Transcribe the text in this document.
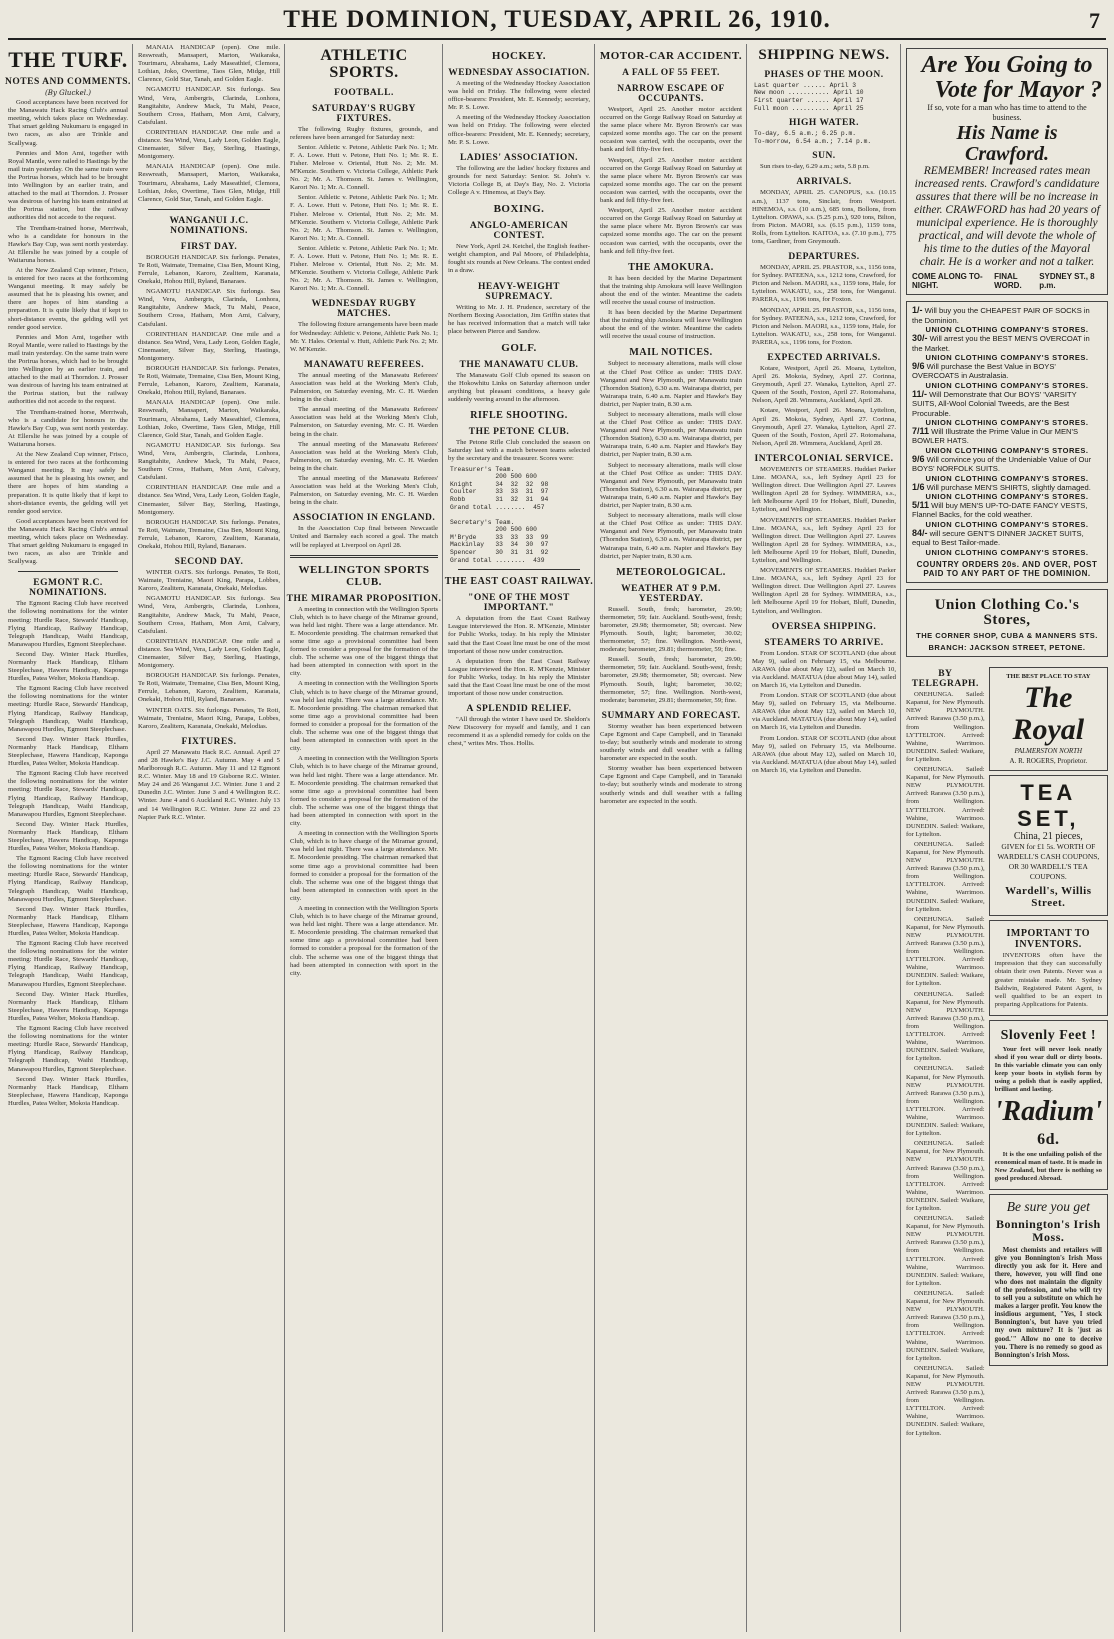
THE DOMINION, TUESDAY, APRIL 26, 1910.	7
THE TURF.
NOTES AND COMMENTS.
(By Gluckel.)

Good acceptances have been received for the Manawatu Hack Racing Club's annual meeting, which takes place on Wednesday. That smart gelding Nukumaru is engaged in two races, as also are Trinkle and Scallywag.

Pennies and Mon Ami, together with Royal Mantle, were railed to Hastings by the mail train yesterday. On the same train were the Porirua horses, which had to be brought into Wellington by an earlier train, and attached to the mail at Thorndon. J. Prosser was desirous of having his team entrained at the Porirua station, but the railway authorities did not accede to the request.

The Trentham-trained horse, Merriwah, who is a candidate for honours in the Hawke's Bay Cup, was sent north yesterday. At Ellerslie he was joined by a couple of Waitaruna horses.

At the New Zealand Cup winner, Frisco, is entered for two races at the forthcoming Wanganui meeting. It may safely be assumed that he is pleasing his owner, and there are hopes of him standing a preparation. It is quite likely that if kept to short-distance events, the gelding will yet render good service.

Pennies and Mon Ami, together with Royal Mantle, were railed to Hastings by the mail train yesterday. On the same train were the Porirua horses, which had to be brought into Wellington by an earlier train, and attached to the mail at Thorndon. J. Prosser was desirous of having his team entrained at the Porirua station, but the railway authorities did not accede to the request.

The Trentham-trained horse, Merriwah, who is a candidate for honours in the Hawke's Bay Cup, was sent north yesterday. At Ellerslie he was joined by a couple of Waitaruna horses.

At the New Zealand Cup winner, Frisco, is entered for two races at the forthcoming Wanganui meeting. It may safely be assumed that he is pleasing his owner, and there are hopes of him standing a preparation. It is quite likely that if kept to short-distance events, the gelding will yet render good service.

Good acceptances have been received for the Manawatu Hack Racing Club's annual meeting, which takes place on Wednesday. That smart gelding Nukumaru is engaged in two races, as also are Trinkle and Scallywag.

EGMONT R.C. NOMINATIONS.

The Egmont Racing Club have received the following nominations for the winter meeting: Hurdle Race, Stewards' Handicap, Flying Handicap, Railway Handicap, Telegraph Handicap, Waihi Handicap, Manawapou Hurdles, Egmont Steeplechase.

Second Day. Winter Hack Hurdles, Normanby Hack Handicap, Eltham Steeplechase, Hawera Handicap, Kaponga Hurdles, Patea Welter, Mokoia Handicap.

The Egmont Racing Club have received the following nominations for the winter meeting: Hurdle Race, Stewards' Handicap, Flying Handicap, Railway Handicap, Telegraph Handicap, Waihi Handicap, Manawapou Hurdles, Egmont Steeplechase.

Second Day. Winter Hack Hurdles, Normanby Hack Handicap, Eltham Steeplechase, Hawera Handicap, Kaponga Hurdles, Patea Welter, Mokoia Handicap.

The Egmont Racing Club have received the following nominations for the winter meeting: Hurdle Race, Stewards' Handicap, Flying Handicap, Railway Handicap, Telegraph Handicap, Waihi Handicap, Manawapou Hurdles, Egmont Steeplechase.

Second Day. Winter Hack Hurdles, Normanby Hack Handicap, Eltham Steeplechase, Hawera Handicap, Kaponga Hurdles, Patea Welter, Mokoia Handicap.

The Egmont Racing Club have received the following nominations for the winter meeting: Hurdle Race, Stewards' Handicap, Flying Handicap, Railway Handicap, Telegraph Handicap, Waihi Handicap, Manawapou Hurdles, Egmont Steeplechase.

Second Day. Winter Hack Hurdles, Normanby Hack Handicap, Eltham Steeplechase, Hawera Handicap, Kaponga Hurdles, Patea Welter, Mokoia Handicap.

The Egmont Racing Club have received the following nominations for the winter meeting: Hurdle Race, Stewards' Handicap, Flying Handicap, Railway Handicap, Telegraph Handicap, Waihi Handicap, Manawapou Hurdles, Egmont Steeplechase.

Second Day. Winter Hack Hurdles, Normanby Hack Handicap, Eltham Steeplechase, Hawera Handicap, Kaponga Hurdles, Patea Welter, Mokoia Handicap.

The Egmont Racing Club have received the following nominations for the winter meeting: Hurdle Race, Stewards' Handicap, Flying Handicap, Railway Handicap, Telegraph Handicap, Waihi Handicap, Manawapou Hurdles, Egmont Steeplechase.

Second Day. Winter Hack Hurdles, Normanby Hack Handicap, Eltham Steeplechase, Hawera Handicap, Kaponga Hurdles, Patea Welter, Mokoia Handicap.

MANAIA HANDICAP (open). One mile. Reswreath, Mansapert, Marton, Waikaraka, Tourimaru, Abrahams, Lady Maseathief, Clemora, Lothian, Joko, Overtime, Taos Glen, Midge, Hill Clarence, Gold Star, Tanah, and Golden Eagle.

NGAMOTU HANDICAP. Six furlongs. Sea Wind, Vera, Ambergris, Clarinda, Lonhora, Rangitahite, Andrew Mack, Tu Mahi, Peace, Southern Cross, Hatham, Mon Ami, Calvary, Catsfulani.

CORINTHIAN HANDICAP. One mile and a distance. Sea Wind, Vera, Lady Leon, Golden Eagle, Cinemaster, Silver Bay, Sterling, Hastings, Montgomery.

MANAIA HANDICAP (open). One mile. Reswreath, Mansapert, Marton, Waikaraka, Tourimaru, Abrahams, Lady Maseathief, Clemora, Lothian, Joko, Overtime, Taos Glen, Midge, Hill Clarence, Gold Star, Tanah, and Golden Eagle.

WANGANUI J.C. NOMINATIONS.
FIRST DAY.

BOROUGH HANDICAP. Six furlongs. Penates, Te Roti, Waimate, Tremaine, Cisa Ben, Mount King, Ferrule, Lebanon, Karoro, Zealitem, Karanaia, Onekaki, Hohou Hill, Ryland, Banaraes.

NGAMOTU HANDICAP. Six furlongs. Sea Wind, Vera, Ambergris, Clarinda, Lonhora, Rangitahite, Andrew Mack, Tu Mahi, Peace, Southern Cross, Hatham, Mon Ami, Calvary, Catsfulani.

CORINTHIAN HANDICAP. One mile and a distance. Sea Wind, Vera, Lady Leon, Golden Eagle, Cinemaster, Silver Bay, Sterling, Hastings, Montgomery.

BOROUGH HANDICAP. Six furlongs. Penates, Te Roti, Waimate, Tremaine, Cisa Ben, Mount King, Ferrule, Lebanon, Karoro, Zealitem, Karanaia, Onekaki, Hohou Hill, Ryland, Banaraes.

MANAIA HANDICAP (open). One mile. Reswreath, Mansapert, Marton, Waikaraka, Tourimaru, Abrahams, Lady Maseathief, Clemora, Lothian, Joko, Overtime, Taos Glen, Midge, Hill Clarence, Gold Star, Tanah, and Golden Eagle.

NGAMOTU HANDICAP. Six furlongs. Sea Wind, Vera, Ambergris, Clarinda, Lonhora, Rangitahite, Andrew Mack, Tu Mahi, Peace, Southern Cross, Hatham, Mon Ami, Calvary, Catsfulani.

CORINTHIAN HANDICAP. One mile and a distance. Sea Wind, Vera, Lady Leon, Golden Eagle, Cinemaster, Silver Bay, Sterling, Hastings, Montgomery.

BOROUGH HANDICAP. Six furlongs. Penates, Te Roti, Waimate, Tremaine, Cisa Ben, Mount King, Ferrule, Lebanon, Karoro, Zealitem, Karanaia, Onekaki, Hohou Hill, Ryland, Banaraes.

SECOND DAY.

WINTER OATS. Six furlongs. Penates, Te Roti, Waimate, Treniaine, Maori King, Parapa, Lobbes, Karoro, Zealitem, Karanaia, Onekaki, Melodias.

NGAMOTU HANDICAP. Six furlongs. Sea Wind, Vera, Ambergris, Clarinda, Lonhora, Rangitahite, Andrew Mack, Tu Mahi, Peace, Southern Cross, Hatham, Mon Ami, Calvary, Catsfulani.

CORINTHIAN HANDICAP. One mile and a distance. Sea Wind, Vera, Lady Leon, Golden Eagle, Cinemaster, Silver Bay, Sterling, Hastings, Montgomery.

BOROUGH HANDICAP. Six furlongs. Penates, Te Roti, Waimate, Tremaine, Cisa Ben, Mount King, Ferrule, Lebanon, Karoro, Zealitem, Karanaia, Onekaki, Hohou Hill, Ryland, Banaraes.

WINTER OATS. Six furlongs. Penates, Te Roti, Waimate, Treniaine, Maori King, Parapa, Lobbes, Karoro, Zealitem, Karanaia, Onekaki, Melodias.

FIXTURES.

April 27 Manawatu Hack R.C. Annual. April 27 and 28 Hawke's Bay J.C. Autumn. May 4 and 5 Marlborough R.C. Autumn. May 11 and 12 Egmont R.C. Winter. May 18 and 19 Gisborne R.C. Winter. May 24 and 26 Wanganui J.C. Winter. June 1 and 2 Dunedin J.C. Winter. June 3 and 4 Wellington R.C. Winter. June 4 and 6 Auckland R.C. Winter. July 13 and 14 Wellington R.C. Winter. June 22 and 23 Napier Park R.C. Winter.

ATHLETIC SPORTS.
FOOTBALL.
SATURDAY'S RUGBY FIXTURES.

The following Rugby fixtures, grounds, and referees have been arranged for Saturday next:

Senior. Athletic v. Petone, Athletic Park No. 1; Mr. F. A. Lowe. Hutt v. Petone, Hutt No. 1; Mr. R. E. Fisher. Melrose v. Oriental, Hutt No. 2; Mr. M. M'Kenzie. Southern v. Victoria College, Athletic Park No. 2; Mr. A. Thomson. St. James v. Wellington, Karori No. 1; Mr. A. Connell.

Senior. Athletic v. Petone, Athletic Park No. 1; Mr. F. A. Lowe. Hutt v. Petone, Hutt No. 1; Mr. R. E. Fisher. Melrose v. Oriental, Hutt No. 2; Mr. M. M'Kenzie. Southern v. Victoria College, Athletic Park No. 2; Mr. A. Thomson. St. James v. Wellington, Karori No. 1; Mr. A. Connell.

Senior. Athletic v. Petone, Athletic Park No. 1; Mr. F. A. Lowe. Hutt v. Petone, Hutt No. 1; Mr. R. E. Fisher. Melrose v. Oriental, Hutt No. 2; Mr. M. M'Kenzie. Southern v. Victoria College, Athletic Park No. 2; Mr. A. Thomson. St. James v. Wellington, Karori No. 1; Mr. A. Connell.

WEDNESDAY RUGBY MATCHES.

The following fixture arrangements have been made for Wednesday: Athletic v. Petone, Athletic Park No. 1; Mr. Y. Hales. Oriental v. Hutt, Athletic Park No. 2; Mr. W. M'Kenzie.

MANAWATU REFEREES.

The annual meeting of the Manawatu Referees' Association was held at the Working Men's Club, Palmerston, on Saturday evening, Mr. C. H. Warden being in the chair.

The annual meeting of the Manawatu Referees' Association was held at the Working Men's Club, Palmerston, on Saturday evening, Mr. C. H. Warden being in the chair.

The annual meeting of the Manawatu Referees' Association was held at the Working Men's Club, Palmerston, on Saturday evening, Mr. C. H. Warden being in the chair.

The annual meeting of the Manawatu Referees' Association was held at the Working Men's Club, Palmerston, on Saturday evening, Mr. C. H. Warden being in the chair.

ASSOCIATION IN ENGLAND.

In the Association Cup final between Newcastle United and Barnsley each scored a goal. The match will be replayed at Liverpool on April 28.

WELLINGTON SPORTS CLUB.
THE MIRAMAR PROPOSITION.

A meeting in connection with the Wellington Sports Club, which is to have charge of the Miramar ground, was held last night. There was a large attendance. Mr. E. Mocordenie presiding. The chairman remarked that some time ago a provisional committee had been formed to consider a proposal for the formation of the club. The scheme was one of the biggest things that had been attempted in connection with sport in the city.

A meeting in connection with the Wellington Sports Club, which is to have charge of the Miramar ground, was held last night. There was a large attendance. Mr. E. Mocordenie presiding. The chairman remarked that some time ago a provisional committee had been formed to consider a proposal for the formation of the club. The scheme was one of the biggest things that had been attempted in connection with sport in the city.

A meeting in connection with the Wellington Sports Club, which is to have charge of the Miramar ground, was held last night. There was a large attendance. Mr. E. Mocordenie presiding. The chairman remarked that some time ago a provisional committee had been formed to consider a proposal for the formation of the club. The scheme was one of the biggest things that had been attempted in connection with sport in the city.

A meeting in connection with the Wellington Sports Club, which is to have charge of the Miramar ground, was held last night. There was a large attendance. Mr. E. Mocordenie presiding. The chairman remarked that some time ago a provisional committee had been formed to consider a proposal for the formation of the club. The scheme was one of the biggest things that had been attempted in connection with sport in the city.

A meeting in connection with the Wellington Sports Club, which is to have charge of the Miramar ground, was held last night. There was a large attendance. Mr. E. Mocordenie presiding. The chairman remarked that some time ago a provisional committee had been formed to consider a proposal for the formation of the club. The scheme was one of the biggest things that had been attempted in connection with sport in the city.

HOCKEY.
WEDNESDAY ASSOCIATION.

A meeting of the Wednesday Hockey Association was held on Friday. The following were elected office-bearers: President, Mr. E. Kennedy; secretary, Mr. P. S. Lowe.

A meeting of the Wednesday Hockey Association was held on Friday. The following were elected office-bearers: President, Mr. E. Kennedy; secretary, Mr. P. S. Lowe.

LADIES' ASSOCIATION.

The following are the ladies' hockey fixtures and grounds for next Saturday: Senior. St. John's v. Victoria College B, at Day's Bay, No. 2. Victoria College A v. Hinemoa, at Day's Bay.

BOXING.
ANGLO-AMERICAN CONTEST.

New York, April 24. Ketchel, the English feather-weight champion, and Pal Moore, of Philadelphia, fought six rounds at New Orleans. The contest ended in a draw.

HEAVY-WEIGHT SUPREMACY.

Writing to Mr. J. H. Prudence, secretary of the Northern Boxing Association, Jim Griffin states that he has received information that a match will take place between Pierce and Sandow.

GOLF.
THE MANAWATU CLUB.

The Manawatu Golf Club opened its season on the Hokowhitu Links on Saturday afternoon under anything but pleasant conditions, a heavy gale suddenly veering around in the afternoon.

RIFLE SHOOTING.
THE PETONE CLUB.

The Petone Rifle Club concluded the season on Saturday last with a match between teams selected by the secretary and the treasurer. Scores were:

Treasurer's Team.
200 500 600
Knight      34  32  32  98
Coulter     33  33  31  97
Robb        31  32  31  94
Grand total ........  457

Secretary's Team.
200 500 600
M'Bryde     33  33  33  99
Mackinlay   33  34  30  97
Spencer     30  31  31  92
Grand total ........  439
THE EAST COAST RAILWAY.
"ONE OF THE MOST IMPORTANT."

A deputation from the East Coast Railway League interviewed the Hon. R. M'Kenzie, Minister for Public Works, today. In his reply the Minister said that the East Coast line must be one of the most important of those now under construction.

A deputation from the East Coast Railway League interviewed the Hon. R. M'Kenzie, Minister for Public Works, today. In his reply the Minister said that the East Coast line must be one of the most important of those now under construction.

A SPLENDID RELIEF.

"All through the winter I have used Dr. Sheldon's New Discovery for myself and family, and I can recommend it as a splendid remedy for colds on the chest," writes Mrs. Thos. Hollis.

MOTOR-CAR ACCIDENT.
A FALL OF 55 FEET.
NARROW ESCAPE OF OCCUPANTS.

Westport, April 25. Another motor accident occurred on the Gorge Railway Road on Saturday at the same place where Mr. Byron Brown's car was capsized some months ago. The car on the present occasion was carried, with the occupants, over the bank and fell fifty-five feet.

Westport, April 25. Another motor accident occurred on the Gorge Railway Road on Saturday at the same place where Mr. Byron Brown's car was capsized some months ago. The car on the present occasion was carried, with the occupants, over the bank and fell fifty-five feet.

Westport, April 25. Another motor accident occurred on the Gorge Railway Road on Saturday at the same place where Mr. Byron Brown's car was capsized some months ago. The car on the present occasion was carried, with the occupants, over the bank and fell fifty-five feet.

THE AMOKURA.

It has been decided by the Marine Department that the training ship Amokura will leave Wellington about the end of the winter. Meantime the cadets will receive the usual course of instruction.

It has been decided by the Marine Department that the training ship Amokura will leave Wellington about the end of the winter. Meantime the cadets will receive the usual course of instruction.

MAIL NOTICES.

Subject to necessary alterations, mails will close at the Chief Post Office as under: THIS DAY. Wanganui and New Plymouth, per Manawatu train (Thorndon Station), 6.30 a.m. Wairarapa district, per Wairarapa train, 6.40 a.m. Napier and Hawke's Bay district, per Napier train, 8.30 a.m.

Subject to necessary alterations, mails will close at the Chief Post Office as under: THIS DAY. Wanganui and New Plymouth, per Manawatu train (Thorndon Station), 6.30 a.m. Wairarapa district, per Wairarapa train, 6.40 a.m. Napier and Hawke's Bay district, per Napier train, 8.30 a.m.

Subject to necessary alterations, mails will close at the Chief Post Office as under: THIS DAY. Wanganui and New Plymouth, per Manawatu train (Thorndon Station), 6.30 a.m. Wairarapa district, per Wairarapa train, 6.40 a.m. Napier and Hawke's Bay district, per Napier train, 8.30 a.m.

Subject to necessary alterations, mails will close at the Chief Post Office as under: THIS DAY. Wanganui and New Plymouth, per Manawatu train (Thorndon Station), 6.30 a.m. Wairarapa district, per Wairarapa train, 6.40 a.m. Napier and Hawke's Bay district, per Napier train, 8.30 a.m.

METEOROLOGICAL.
WEATHER AT 9 P.M. YESTERDAY.

Russell. South, fresh; barometer, 29.90; thermometer, 59; fair. Auckland. South-west, fresh; barometer, 29.98; thermometer, 58; overcast. New Plymouth. South, light; barometer, 30.02; thermometer, 57; fine. Wellington. North-west, moderate; barometer, 29.81; thermometer, 59; fine.

Russell. South, fresh; barometer, 29.90; thermometer, 59; fair. Auckland. South-west, fresh; barometer, 29.98; thermometer, 58; overcast. New Plymouth. South, light; barometer, 30.02; thermometer, 57; fine. Wellington. North-west, moderate; barometer, 29.81; thermometer, 59; fine.

SUMMARY AND FORECAST.

Stormy weather has been experienced between Cape Egmont and Cape Campbell, and in Taranaki to-day; but southerly winds and moderate to strong southerly winds and dull weather with a falling barometer are expected in the south.

Stormy weather has been experienced between Cape Egmont and Cape Campbell, and in Taranaki to-day; but southerly winds and moderate to strong southerly winds and dull weather with a falling barometer are expected in the south.

SHIPPING NEWS.
PHASES OF THE MOON.
Last quarter ...... April 3
New moon ........... April 10
First quarter ...... April 17
Full moon .......... April 25
HIGH WATER.
To-day, 6.5 a.m.; 6.25 p.m.
To-morrow, 6.54 a.m.; 7.14 p.m.
SUN.

Sun rises to-day, 6.29 a.m.; sets, 5.8 p.m.

ARRIVALS.

MONDAY, APRIL 25. CANOPUS, s.s. (10.15 a.m.), 1137 tons, Sinclair, from Westport. HINEMOA, s.s. (10 a.m.), 685 tons, Bollons, from Lyttelton. OPAWA, s.s. (5.25 p.m.), 920 tons, Bilton, from Picton. MAORI, s.s. (6.15 p.m.), 1159 tons, Rolls, from Lyttelton. KAITOA, s.s. (7.10 p.m.), 775 tons, Gardiner, from Greymouth.

DEPARTURES.

MONDAY, APRIL 25. PRASTOR, s.s., 1156 tons, for Sydney. PATEENA, s.s., 1212 tons, Crawford, for Picton and Nelson. MAORI, s.s., 1159 tons, Hale, for Lyttelton. WAKATU, s.s., 258 tons, for Wanganui. PARERA, s.s., 1196 tons, for Foxton.

MONDAY, APRIL 25. PRASTOR, s.s., 1156 tons, for Sydney. PATEENA, s.s., 1212 tons, Crawford, for Picton and Nelson. MAORI, s.s., 1159 tons, Hale, for Lyttelton. WAKATU, s.s., 258 tons, for Wanganui. PARERA, s.s., 1196 tons, for Foxton.

EXPECTED ARRIVALS.

Kotare, Westport, April 26. Moana, Lyttelton, April 26. Mokoia, Sydney, April 27. Corinna, Greymouth, April 27. Wanaka, Lyttelton, April 27. Queen of the South, Foxton, April 27. Rotomahana, Nelson, April 28. Wimmera, Auckland, April 28.

Kotare, Westport, April 26. Moana, Lyttelton, April 26. Mokoia, Sydney, April 27. Corinna, Greymouth, April 27. Wanaka, Lyttelton, April 27. Queen of the South, Foxton, April 27. Rotomahana, Nelson, April 28. Wimmera, Auckland, April 28.

INTERCOLONIAL SERVICE.

MOVEMENTS OF STEAMERS. Huddart Parker Line. MOANA, s.s., left Sydney April 23 for Wellington direct. Due Wellington April 27. Leaves Wellington April 28 for Sydney. WIMMERA, s.s., left Melbourne April 19 for Hobart, Bluff, Dunedin, Lyttelton, and Wellington.

MOVEMENTS OF STEAMERS. Huddart Parker Line. MOANA, s.s., left Sydney April 23 for Wellington direct. Due Wellington April 27. Leaves Wellington April 28 for Sydney. WIMMERA, s.s., left Melbourne April 19 for Hobart, Bluff, Dunedin, Lyttelton, and Wellington.

MOVEMENTS OF STEAMERS. Huddart Parker Line. MOANA, s.s., left Sydney April 23 for Wellington direct. Due Wellington April 27. Leaves Wellington April 28 for Sydney. WIMMERA, s.s., left Melbourne April 19 for Hobart, Bluff, Dunedin, Lyttelton, and Wellington.

OVERSEA SHIPPING.
STEAMERS TO ARRIVE.

From London. STAR OF SCOTLAND (due about May 9), sailed on February 15, via Melbourne. ARAWA (due about May 12), sailed on March 10, via Auckland. MATATUA (due about May 14), sailed on March 16, via Lyttelton and Dunedin.

From London. STAR OF SCOTLAND (due about May 9), sailed on February 15, via Melbourne. ARAWA (due about May 12), sailed on March 10, via Auckland. MATATUA (due about May 14), sailed on March 16, via Lyttelton and Dunedin.

From London. STAR OF SCOTLAND (due about May 9), sailed on February 15, via Melbourne. ARAWA (due about May 12), sailed on March 10, via Auckland. MATATUA (due about May 14), sailed on March 16, via Lyttelton and Dunedin.

Are You Going to
Vote for Mayor ?
If so, vote for a man who has time to attend to the business.
His Name is Crawford.
REMEMBER! Increased rates mean increased rents. Crawford's candidature assures that there will be no increase in either. CRAWFORD has had 20 years of municipal experience. He is thoroughly practical, and will devote the whole of his time to the duties of the Mayoral chair. He is a worker and not a talker.
COME ALONG TO-NIGHT.
FINAL WORD.
SYDNEY ST., 8 p.m.
1/- Will buy you the CHEAPEST PAIR OF SOCKS in the Dominion.
UNION CLOTHING COMPANY'S STORES.
30/- Will arrest you the BEST MEN'S OVERCOAT in the Market.
UNION CLOTHING COMPANY'S STORES.
9/6 Will purchase the Best Value in BOYS' OVERCOATS in Australasia.
UNION CLOTHING COMPANY'S STORES.
11/- Will Demonstrate that Our BOYS' 'VARSITY SUITS, All-Wool Colonial Tweeds, are the Best Procurable.
UNION CLOTHING COMPANY'S STORES.
7/11 Will Illustrate the Prime Value in Our MEN'S BOWLER HATS.
UNION CLOTHING COMPANY'S STORES.
9/6 Will convince you of the Undeniable Value of Our BOYS' NORFOLK SUITS.
UNION CLOTHING COMPANY'S STORES.
1/6 Will purchase MEN'S SHIRTS, slightly damaged.
UNION CLOTHING COMPANY'S STORES.
5/11 Will buy MEN'S UP-TO-DATE FANCY VESTS, Flannel Backs, for the cold weather.
UNION CLOTHING COMPANY'S STORES.
84/- will secure GENT'S DINNER JACKET SUITS, equal to Best Tailor-made.
UNION CLOTHING COMPANY'S STORES.
COUNTRY ORDERS 20s. AND OVER, POST PAID TO ANY PART OF THE DOMINION.
Union Clothing Co.'s Stores,
THE CORNER SHOP, CUBA & MANNERS STS.
BRANCH: JACKSON STREET, PETONE.
BY TELEGRAPH.

ONEHUNGA. Sailed: Kapanui, for New Plymouth. NEW PLYMOUTH. Arrived: Rarawa (3.50 p.m.), from Wellington. LYTTELTON. Arrived: Wahine, Warrimoo. DUNEDIN. Sailed: Waikare, for Lyttelton.

ONEHUNGA. Sailed: Kapanui, for New Plymouth. NEW PLYMOUTH. Arrived: Rarawa (3.50 p.m.), from Wellington. LYTTELTON. Arrived: Wahine, Warrimoo. DUNEDIN. Sailed: Waikare, for Lyttelton.

ONEHUNGA. Sailed: Kapanui, for New Plymouth. NEW PLYMOUTH. Arrived: Rarawa (3.50 p.m.), from Wellington. LYTTELTON. Arrived: Wahine, Warrimoo. DUNEDIN. Sailed: Waikare, for Lyttelton.

ONEHUNGA. Sailed: Kapanui, for New Plymouth. NEW PLYMOUTH. Arrived: Rarawa (3.50 p.m.), from Wellington. LYTTELTON. Arrived: Wahine, Warrimoo. DUNEDIN. Sailed: Waikare, for Lyttelton.

ONEHUNGA. Sailed: Kapanui, for New Plymouth. NEW PLYMOUTH. Arrived: Rarawa (3.50 p.m.), from Wellington. LYTTELTON. Arrived: Wahine, Warrimoo. DUNEDIN. Sailed: Waikare, for Lyttelton.

ONEHUNGA. Sailed: Kapanui, for New Plymouth. NEW PLYMOUTH. Arrived: Rarawa (3.50 p.m.), from Wellington. LYTTELTON. Arrived: Wahine, Warrimoo. DUNEDIN. Sailed: Waikare, for Lyttelton.

ONEHUNGA. Sailed: Kapanui, for New Plymouth. NEW PLYMOUTH. Arrived: Rarawa (3.50 p.m.), from Wellington. LYTTELTON. Arrived: Wahine, Warrimoo. DUNEDIN. Sailed: Waikare, for Lyttelton.

ONEHUNGA. Sailed: Kapanui, for New Plymouth. NEW PLYMOUTH. Arrived: Rarawa (3.50 p.m.), from Wellington. LYTTELTON. Arrived: Wahine, Warrimoo. DUNEDIN. Sailed: Waikare, for Lyttelton.

ONEHUNGA. Sailed: Kapanui, for New Plymouth. NEW PLYMOUTH. Arrived: Rarawa (3.50 p.m.), from Wellington. LYTTELTON. Arrived: Wahine, Warrimoo. DUNEDIN. Sailed: Waikare, for Lyttelton.

ONEHUNGA. Sailed: Kapanui, for New Plymouth. NEW PLYMOUTH. Arrived: Rarawa (3.50 p.m.), from Wellington. LYTTELTON. Arrived: Wahine, Warrimoo. DUNEDIN. Sailed: Waikare, for Lyttelton.

THE BEST PLACE TO STAY
The Royal
PALMERSTON NORTH
A. R. ROGERS, Proprietor.
TEA SET,
China, 21 pieces,
GIVEN for £1 5s. WORTH OF WARDELL'S CASH COUPONS, OR 30 WARDELL'S TEA COUPONS.
Wardell's, Willis Street.
IMPORTANT TO INVENTORS.

INVENTORS often have the impression that they can successfully obtain their own Patents. Never was a greater mistake made. Mr. Sydney Baldwin, Registered Patent Agent, is well qualified to be an expert in preparing Applications for Patents.

Slovenly Feet !

Your feet will never look neatly shod if you wear dull or dirty boots. In this variable climate you can only keep your boots in stylish form by using a polish that is easily applied, brilliant and lasting.

'Radium'
6d.

It is the one unfailing polish of the economical man of taste. It is made in New Zealand, but there is nothing so good produced Abroad.

Be sure you get
Bonnington's Irish Moss.

Most chemists and retailers will give you Bonnington's Irish Moss directly you ask for it. Here and there, however, you will find one who does not maintain the dignity of the profession, and who will try to sell you a substitute on which he makes a larger profit. You know the insidious argument, "Yes, I stock Bonnington's, but have you tried my own mixture? It is 'just as good.'" Allow no one to deceive you. There is no remedy so good as Bonnington's Irish Moss.
